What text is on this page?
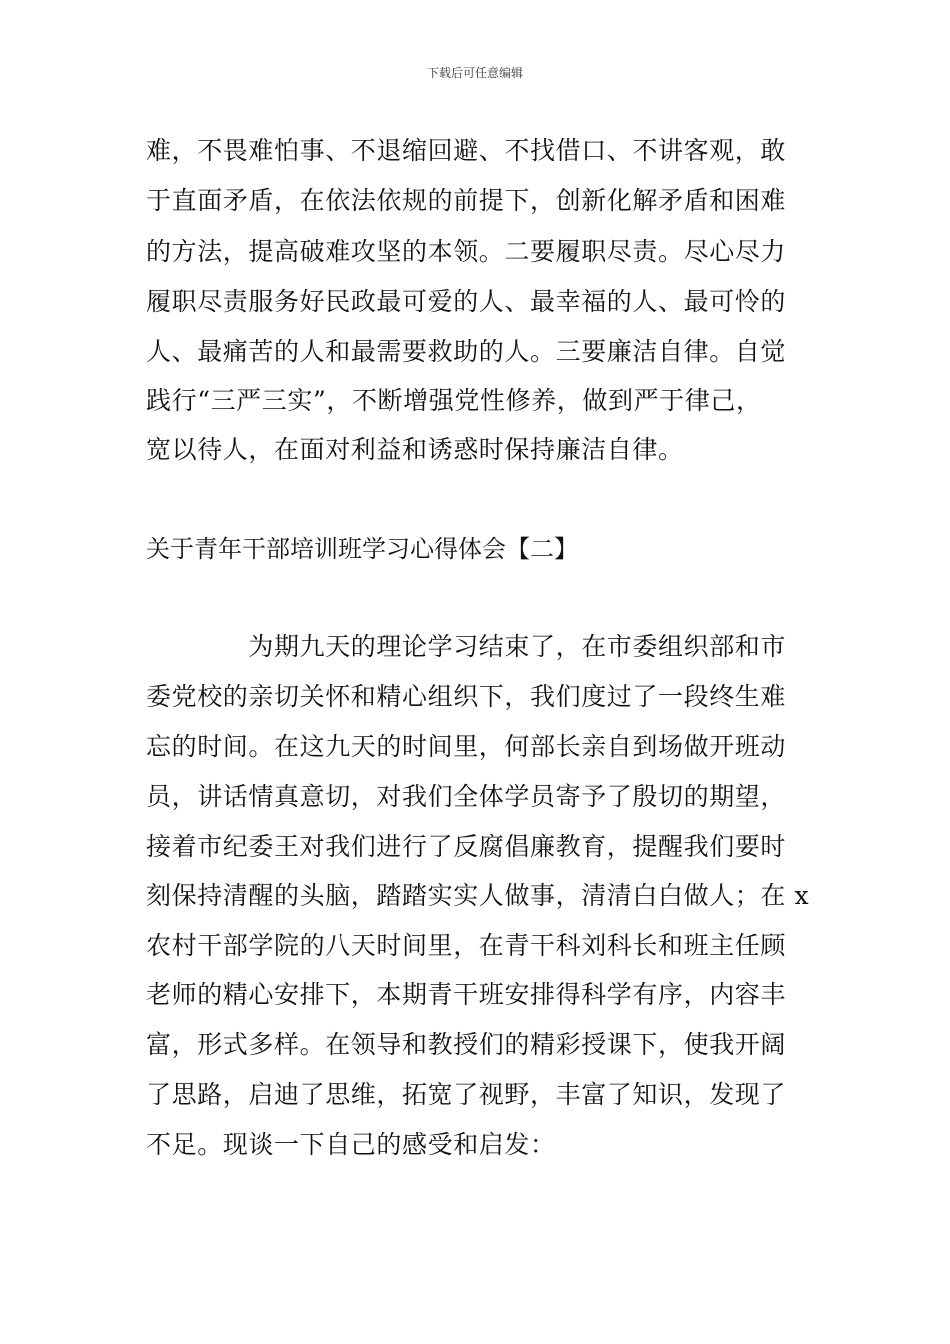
下载后可任意编辑
难，不畏难怕事、不退缩回避、不找借口、不讲客观，敢
于直面矛盾，在依法依规的前提下，创新化解矛盾和困难
的方法，提高破难攻坚的本领。二要履职尽责。尽心尽力
履职尽责服务好民政最可爱的人、最幸福的人、最可怜的
人、最痛苦的人和最需要救助的人。三要廉洁自律。自觉
践行“三严三实”，不断增强党性修养，做到严于律己，
宽以待人，在面对利益和诱惑时保持廉洁自律。
关于青年干部培训班学习心得体会【二】
　　　　为期九天的理论学习结束了，在市委组织部和市
委党校的亲切关怀和精心组织下，我们度过了一段终生难
忘的时间。在这九天的时间里，何部长亲自到场做开班动
员，讲话情真意切，对我们全体学员寄予了殷切的期望，
接着市纪委王对我们进行了反腐倡廉教育，提醒我们要时
刻保持清醒的头脑，踏踏实实人做事，清清白白做人；在 x
农村干部学院的八天时间里，在青干科刘科长和班主任顾
老师的精心安排下，本期青干班安排得科学有序，内容丰
富，形式多样。在领导和教授们的精彩授课下，使我开阔
了思路，启迪了思维，拓宽了视野，丰富了知识，发现了
不足。现谈一下自己的感受和启发：
